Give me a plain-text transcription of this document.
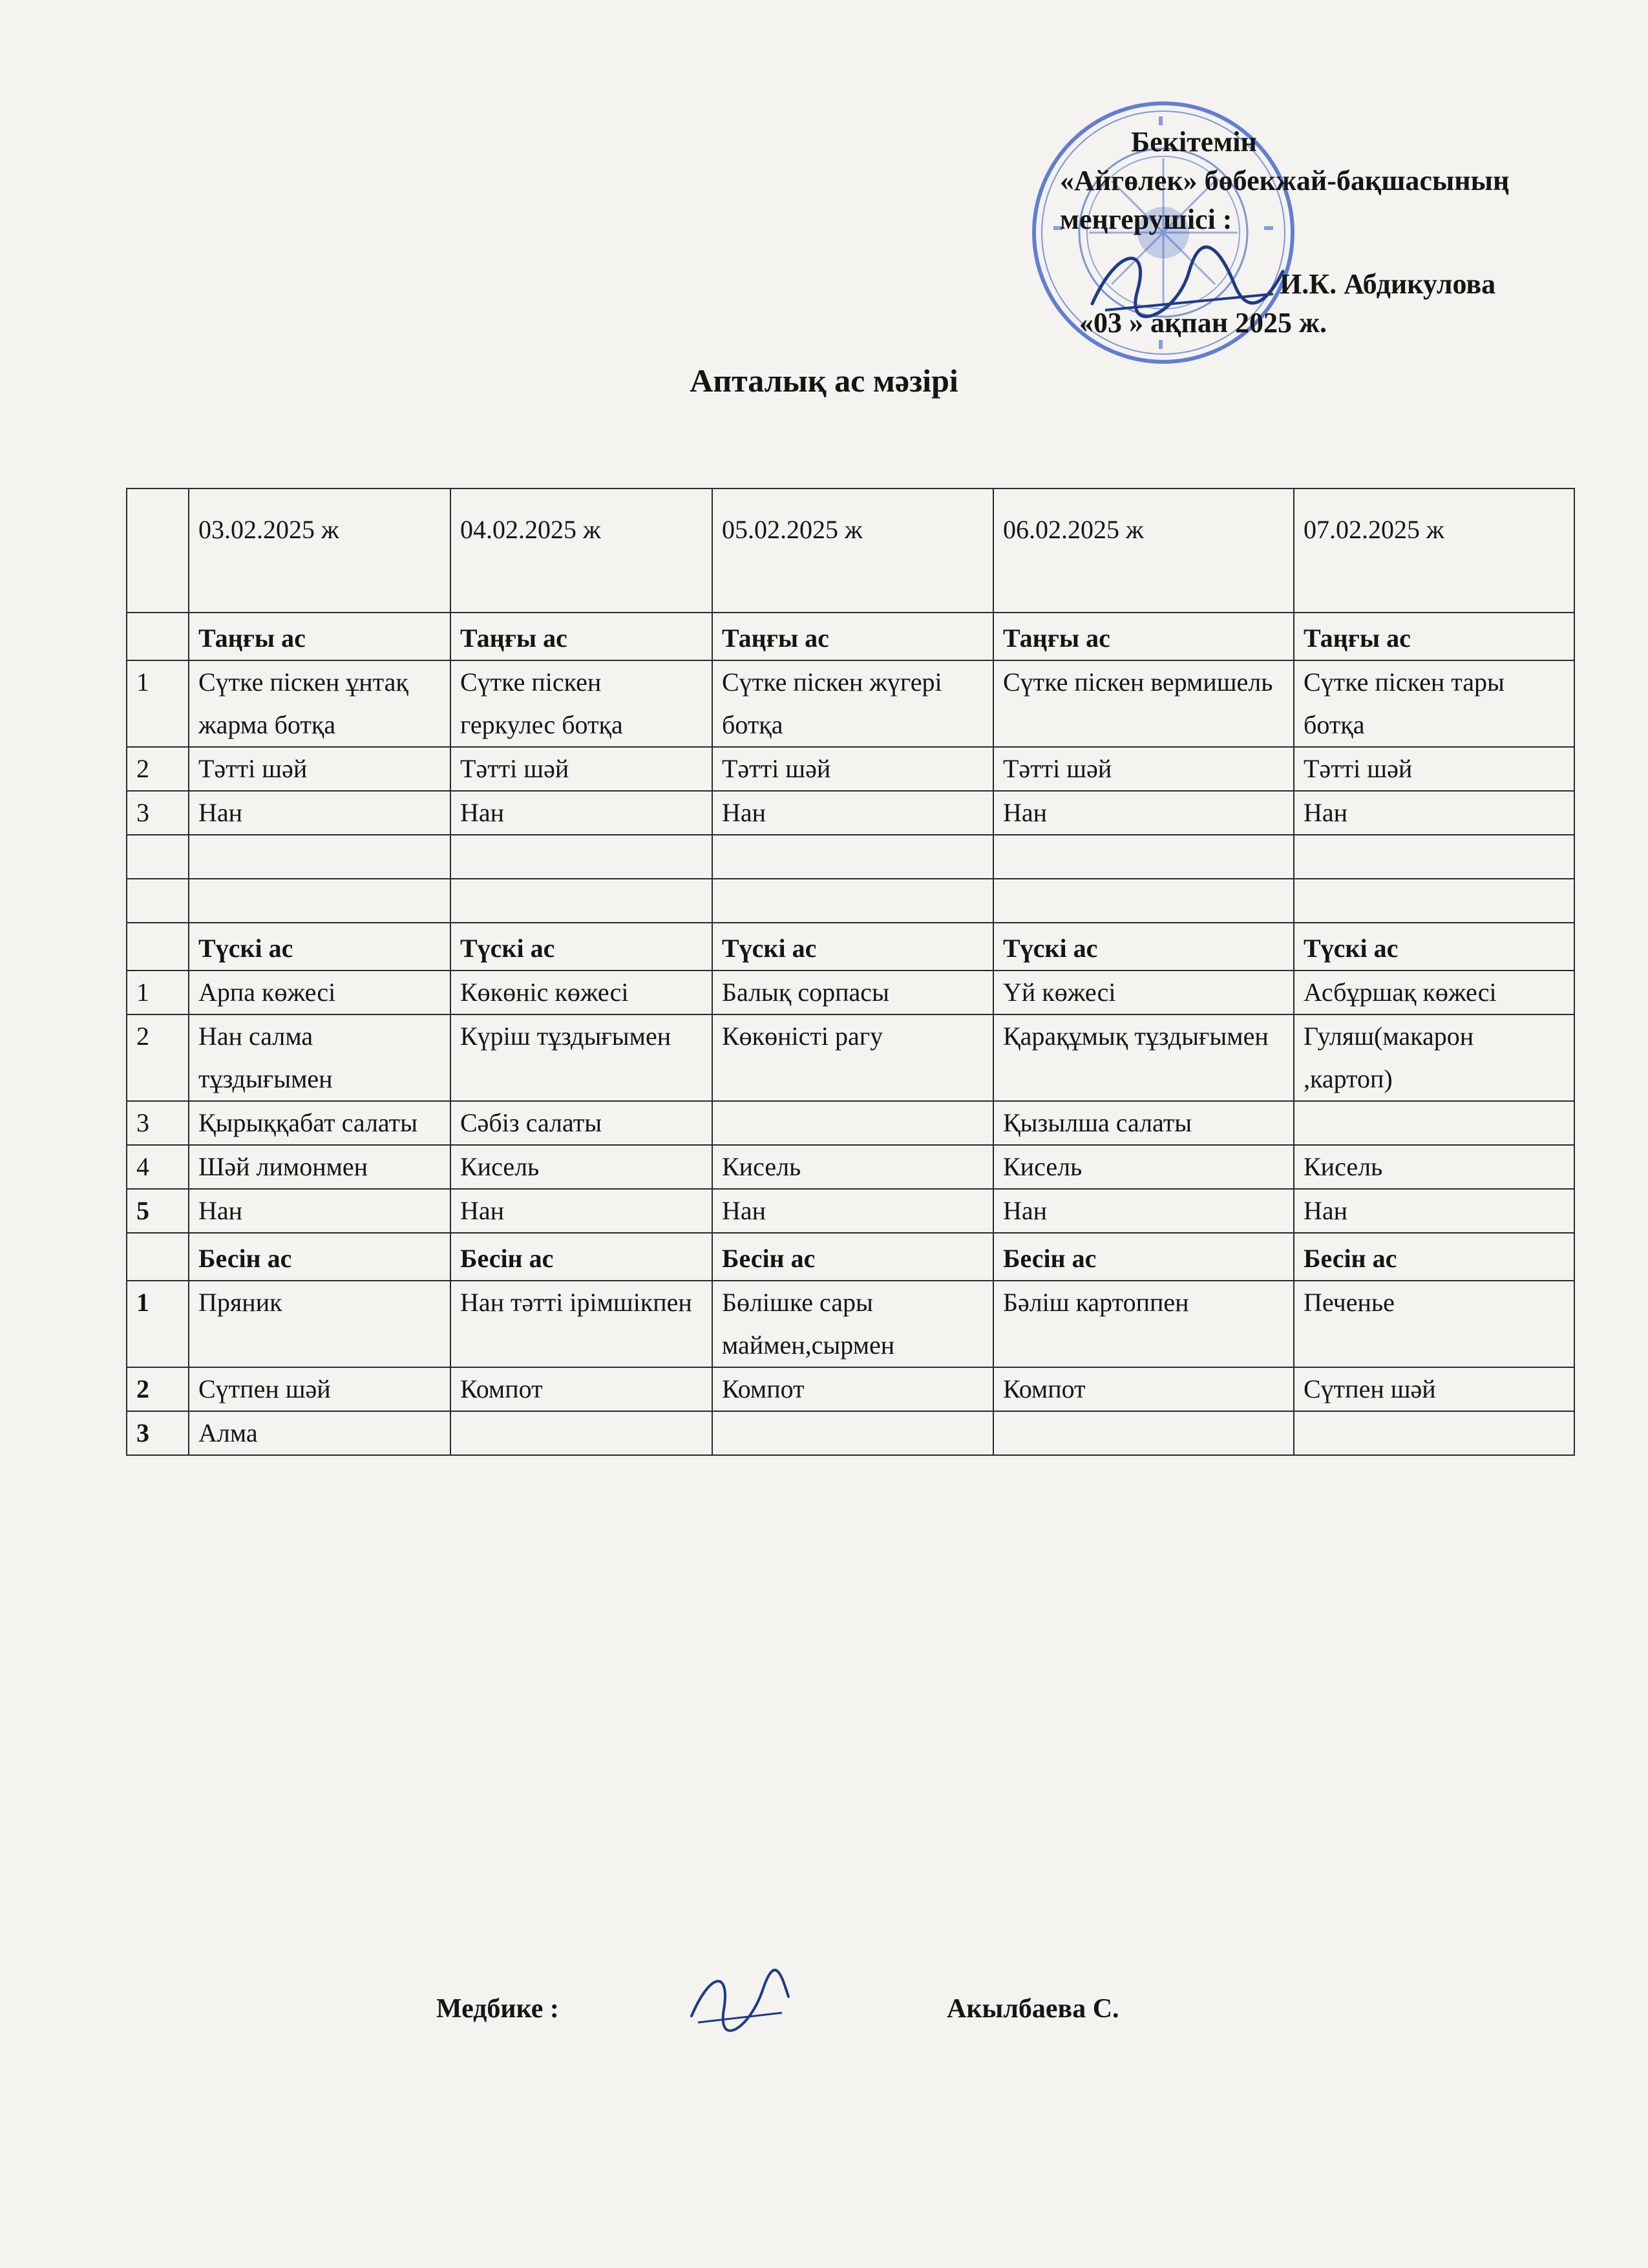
Бекітемін
«Айгөлек» бөбекжай-бақшасының
меңгерушісі :
И.К. Абдикулова
«03 » ақпан 2025 ж.
Апталық ас мәзірі
	03.02.2025 ж	04.02.2025 ж	05.02.2025 ж	06.02.2025 ж	07.02.2025 ж
	Таңғы ас	Таңғы ас	Таңғы ас	Таңғы ас	Таңғы ас
1	Сүтке піскен ұнтақ жарма ботқа	Сүтке піскен геркулес ботқа	Сүтке піскен жүгері ботқа	Сүтке піскен вермишель	Сүтке піскен тары ботқа
2	Тәтті шәй	Тәтті шәй	Тәтті шәй	Тәтті шәй	Тәтті шәй
3	Нан	Нан	Нан	Нан	Нан

	Түскі ас	Түскі ас	Түскі ас	Түскі ас	Түскі ас
1	Арпа көжесі	Көкөніс көжесі	Балық сорпасы	Үй көжесі	Асбұршақ көжесі
2	Нан салма тұздығымен	Күріш тұздығымен	Көкөністі рагу	Қарақұмық тұздығымен	Гуляш(макарон ,картоп)
3	Қырыққабат салаты	Сәбіз салаты		Қызылша салаты	
4	Шәй лимонмен	Кисель	Кисель	Кисель	Кисель
5	Нан	Нан	Нан	Нан	Нан
	Бесін ас	Бесін ас	Бесін ас	Бесін ас	Бесін ас
1	Пряник	Нан тәтті ірімшікпен	Бөлішке сары маймен,сырмен	Бәліш картоппен	Печенье
2	Сүтпен шәй	Компот	Компот	Компот	Сүтпен шәй
3	Алма				
Медбике :	Акылбаева С.
